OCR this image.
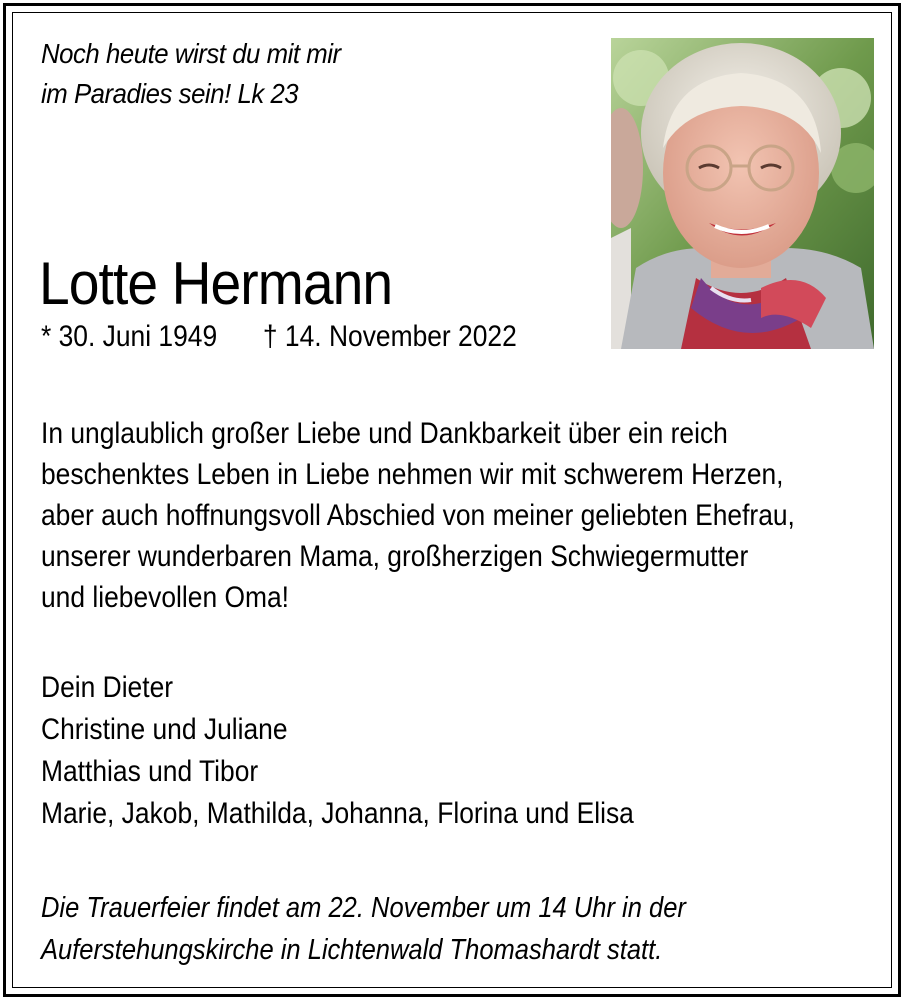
Noch heute wirst du mit mir
im Paradies sein! Lk 23
Lotte Hermann
* 30. Juni 1949 † 14. November 2022
In unglaublich großer Liebe und Dankbarkeit über ein reich
beschenktes Leben in Liebe nehmen wir mit schwerem Herzen,
aber auch hoffnungsvoll Abschied von meiner geliebten Ehefrau,
unserer wunderbaren Mama, großherzigen Schwiegermutter
und liebevollen Oma!
Dein Dieter
Christine und Juliane
Matthias und Tibor
Marie, Jakob, Mathilda, Johanna, Florina und Elisa
Die Trauerfeier findet am 22. November um 14 Uhr in der
Auferstehungskirche in Lichtenwald Thomashardt statt.
